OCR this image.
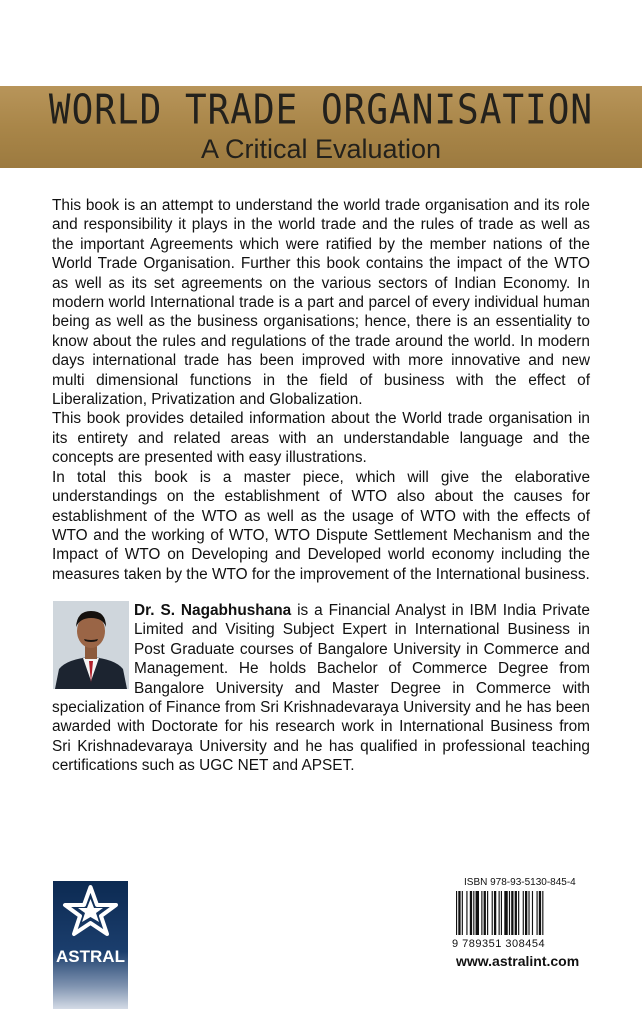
WORLD TRADE ORGANISATION
A Critical Evaluation

This book is an attempt to understand the world trade organisation and its role and responsibility it plays in the world trade and the rules of trade as well as the important Agreements which were ratified by the member nations of the World Trade Organisation. Further this book contains the impact of the WTO as well as its set agreements on the various sectors of Indian Economy. In modern world International trade is a part and parcel of every individual human being as well as the business organisations; hence, there is an essentiality to know about the rules and regulations of the trade around the world. In modern days international trade has been improved with more innovative and new multi dimensional functions in the field of business with the effect of Liberalization, Privatization and Globalization.

This book provides detailed information about the World trade organisation in its entirety and related areas with an understandable language and the concepts are presented with easy illustrations.

In total this book is a master piece, which will give the elaborative understandings on the establishment of WTO also about the causes for establishment of the WTO as well as the usage of WTO with the effects of WTO and the working of WTO, WTO Dispute Settlement Mechanism and the Impact of WTO on Developing and Developed world economy including the measures taken by the WTO for the improvement of the International business.

Dr. S. Nagabhushana is a Financial Analyst in IBM India Private Limited and Visiting Subject Expert in International Business in Post Graduate courses of Bangalore University in Commerce and Management. He holds Bachelor of Commerce Degree from Bangalore University and Master Degree in Commerce with specialization of Finance from Sri Krishnadevaraya University and he has been awarded with Doctorate for his research work in International Business from Sri Krishnadevaraya University and he has qualified in professional teaching certifications such as UGC NET and APSET.
ASTRAL
ISBN 978-93-5130-845-4
9 789351 308454
www.astralint.com
